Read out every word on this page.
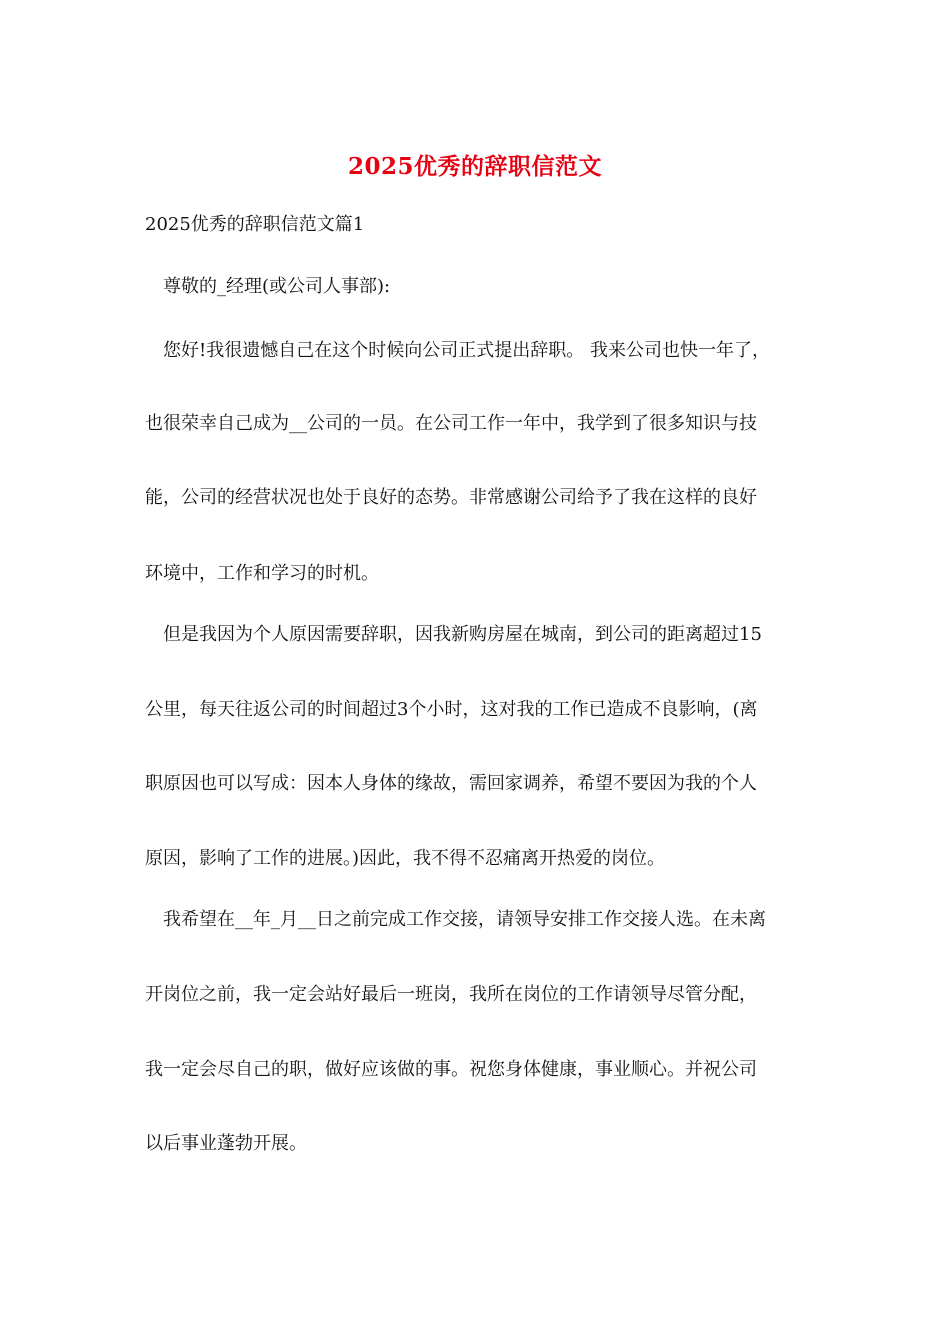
2025优秀的辞职信范文
2025优秀的辞职信范文篇1
尊敬的_经理(或公司人事部):
您好!我很遗憾自己在这个时候向公司正式提出辞职。 我来公司也快一年了，
也很荣幸自己成为__公司的一员。在公司工作一年中，我学到了很多知识与技
能，公司的经营状况也处于良好的态势。非常感谢公司给予了我在这样的良好
环境中，工作和学习的时机。
但是我因为个人原因需要辞职，因我新购房屋在城南，到公司的距离超过15
公里，每天往返公司的时间超过3个小时，这对我的工作已造成不良影响，(离
职原因也可以写成：因本人身体的缘故，需回家调养，希望不要因为我的个人
原因，影响了工作的进展。)因此，我不得不忍痛离开热爱的岗位。
我希望在__年_月__日之前完成工作交接，请领导安排工作交接人选。在未离
开岗位之前，我一定会站好最后一班岗，我所在岗位的工作请领导尽管分配，
我一定会尽自己的职，做好应该做的事。祝您身体健康，事业顺心。并祝公司
以后事业蓬勃开展。
